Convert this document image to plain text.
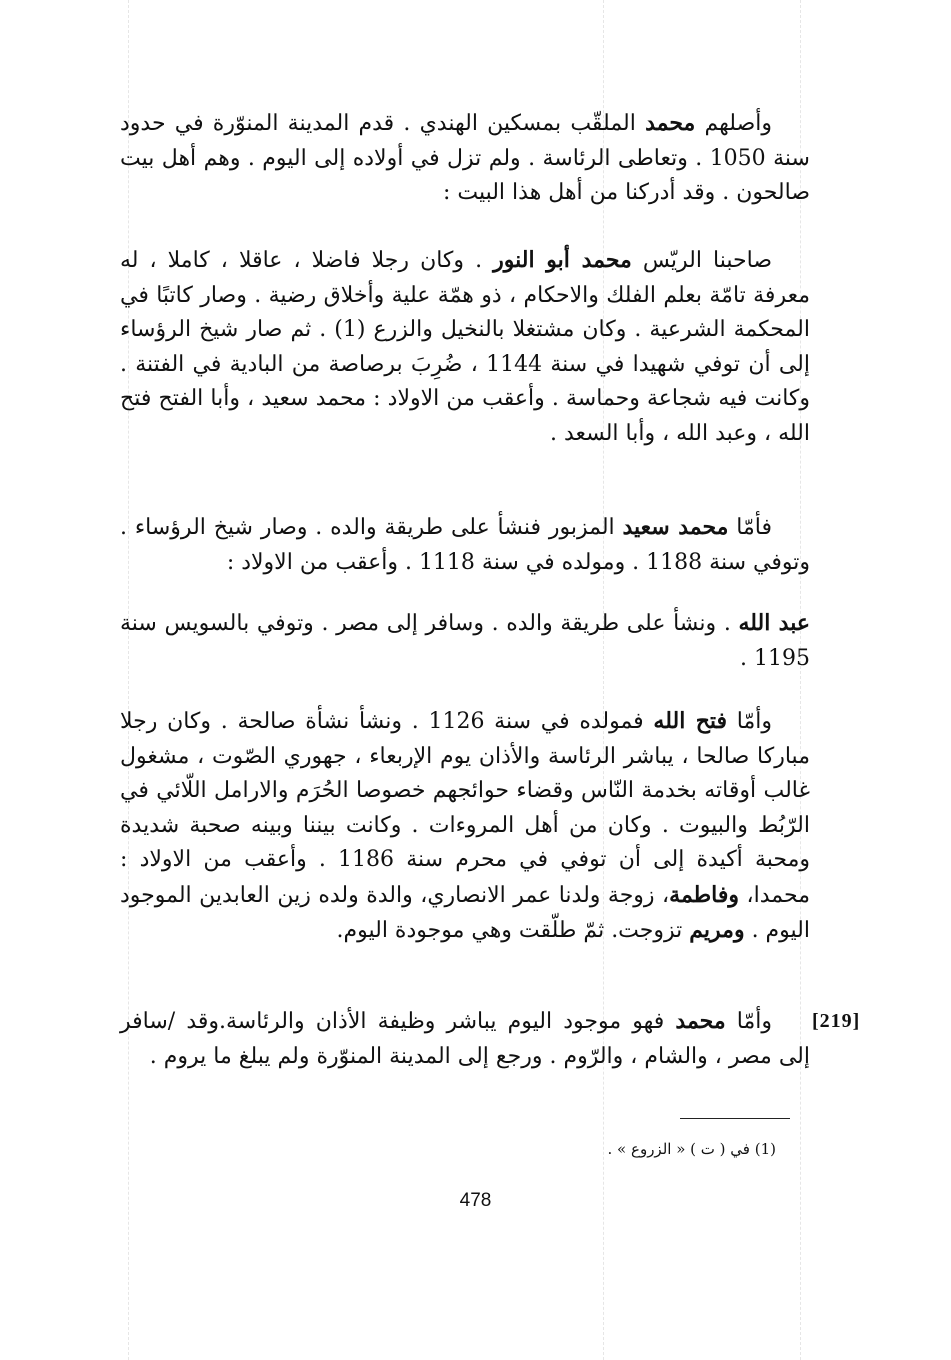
وأصلهم محمد الملقّب بمسكين الهندي . قدم المدينة المنوّرة في حدود سنة 1050 . وتعاطى الرئاسة . ولم تزل في أولاده إلى اليوم . وهم أهل بيت صالحون . وقد أدركنا من أهل هذا البيت :
صاحبنا الريّس محمد أبو النور . وكان رجلا فاضلا ، عاقلا ، كاملا ، له معرفة تامّة بعلم الفلك والاحكام ، ذو همّة علية وأخلاق رضية . وصار كاتبًا في المحكمة الشرعية . وكان مشتغلا بالنخيل والزرع (1) . ثم صار شيخ الرؤساء إلى أن توفي شهيدا في سنة 1144 ، ضُرِبَ برصاصة من البادية في الفتنة . وكانت فيه شجاعة وحماسة . وأعقب من الاولاد : محمد سعيد ، وأبا الفتح فتح الله ، وعبد الله ، وأبا السعد .
فأمّا محمد سعيد المزبور فنشأ على طريقة والده . وصار شيخ الرؤساء . وتوفي سنة 1188 . ومولده في سنة 1118 . وأعقب من الاولاد :
عبد الله . ونشأ على طريقة والده . وسافر إلى مصر . وتوفي بالسويس سنة 1195 .
وأمّا فتح الله فمولده في سنة 1126 . ونشأ نشأة صالحة . وكان رجلا مباركا صالحا ، يباشر الرئاسة والأذان يوم الإربعاء ، جهوري الصّوت ، مشغول غالب أوقاته بخدمة النّاس وقضاء حوائجهم خصوصا الحُرَم والارامل اللّائي في الرّبُط والبيوت . وكان من أهل المروءات . وكانت بيننا وبينه صحبة شديدة ومحبة أكيدة إلى أن توفي في محرم سنة 1186 . وأعقب من الاولاد : محمدا، وفاطمة، زوجة ولدنا عمر الانصاري، والدة ولده زين العابدين الموجود اليوم . ومريم تزوجت. ثمّ طلّقت وهي موجودة اليوم.
[219]
وأمّا محمد فهو موجود اليوم يباشر وظيفة الأذان والرئاسة.وقد /سافر إلى مصر ، والشام ، والرّوم . ورجع إلى المدينة المنوّرة ولم يبلغ ما يروم .
(1) في ( ت ) « الزروع » .
478
